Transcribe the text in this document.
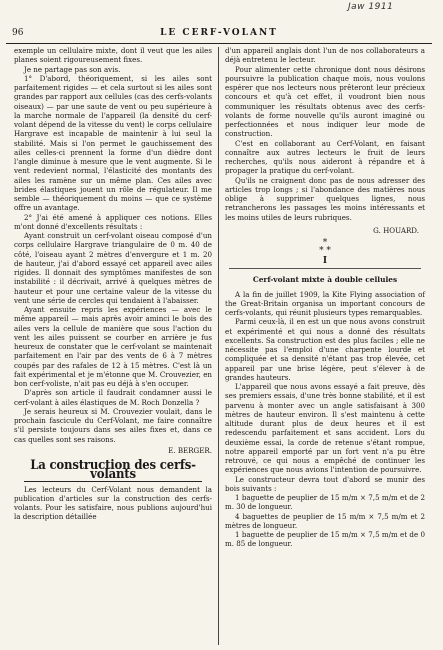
Jaw 1911
96	LE CERF-VOLANT

exemple un cellulaire mixte, dont il veut que les ailes planes soient rigoureusement fixes.

Je ne partage pas son avis.

1° D'abord, théoriquement, si les ailes sont parfaitement rigides — et cela surtout si les ailes sont grandes par rapport aux cellules (cas des cerfs-volants oiseaux) — par une saute de vent ou peu supérieure à la marche normale de l'appareil (la densité du cerf-volant dépend de la vitesse du vent) le corps cellulaire Hargrave est incapable de maintenir à lui seul la stabilité. Mais si l'on permet le gauchissement des ailes celles-ci prennent la forme d'un dièdre dont l'angle diminue à mesure que le vent augmente. Si le vent redevient normal, l'élasticité des montants des ailes les ramène sur un même plan. Ces ailes avec brides élastiques jouent un rôle de régulateur. Il me semble — théoriquement du moins — que ce système offre un avantage.

2° J'ai été amené à appliquer ces notions. Elles m'ont donné d'excellents résultats :

Ayant construit un cerf-volant oiseau composé d'un corps cellulaire Hargrave triangulaire de 0 m. 40 de côté, l'oiseau ayant 2 mètres d'envergure et 1 m. 20 de hauteur, j'ai d'abord essayé cet appareil avec ailes rigides. Il donnait des symptômes manifestes de son instabilité : il décrivait, arrivé à quelques mètres de hauteur et pour une certaine valeur de la vitesse du vent une série de cercles qui tendaient à l'abaisser.

Ayant ensuite repris les expériences — avec le même appareil — mais après avoir aminci le bois des ailes vers la cellule de manière que sous l'action du vent les ailes puissent se courber en arrière je fus heureux de constater que le cerf-volant se maintenait parfaitement en l'air par des vents de 6 à 7 mètres coupés par des rafales de 12 à 15 mètres. C'est là un fait expérimental et je m'étonne que M. Crouvezier, en bon cerf-voliste, n'ait pas eu déjà à s'en occuper.

D'après son article il faudrait condamner aussi le cerf-volant à ailes élastiques de M. Roch Donzella ?

Je serais heureux si M. Crouvezier voulait, dans le prochain fascicule du Cerf-Volant, me faire connaître s'il persiste toujours dans ses ailes fixes et, dans ce cas quelles sont ses raisons.

E. BERGER.

La construction des cerfs-volants

Les lecteurs du Cerf-Volant nous demandent la publication d'articles sur la construction des cerfs-volants. Pour les satisfaire, nous publions aujourd'hui la description détaillée

d'un appareil anglais dont l'un de nos collaborateurs a déjà entretenu le lecteur.

Pour alimenter cette chronique dont nous désirons poursuivre la publication chaque mois, nous voulons espérer que nos lecteurs nous prêteront leur précieux concours et qu'à cet effet, il voudront bien nous communiquer les résultats obtenus avec des cerfs-volants de forme nouvelle qu'ils auront imaginé ou perfectionnées et nous indiquer leur mode de construction.

C'est en collaborant au Cerf-Volant, en faisant connaître aux autres lecteurs le fruit de leurs recherches, qu'ils nous aideront à répandre et à propager la pratique du cerf-volant.

Qu'ils ne craignent donc pas de nous adresser des articles trop longs ; si l'abondance des matières nous oblige à supprimer quelques lignes, nous retrancherons les passages les moins intéressants et les moins utiles de leurs rubriques.

G. HOUARD.
*
* *
I
Cerf-volant mixte à double cellules

A la fin de juillet 1909, la Kite Flying association of the Great-Britain organisa un important concours de cerfs-volants, qui réunit plusieurs types remarquables.

Parmi ceux-là, il en est un que nous avons construit et expérimenté et qui nous a donné des résultats excellents. Sa construction est des plus faciles ; elle ne nécessite pas l'emploi d'une charpente lourde et compliquée et sa densité n'étant pas trop élevée, cet appareil par une brise légère, peut s'élever à de grandes hauteurs.

L'appareil que nous avons essayé a fait preuve, dès ses premiers essais, d'une très bonne stabilité, et il est parvenu à monter avec un angle satisfaisant à 300 mètres de hauteur environ. Il s'est maintenu à cette altitude durant plus de deux heures et il est redescendu parfaitement et sans accident. Lors du deuxième essai, la corde de retenue s'étant rompue, notre appareil emporté par un fort vent n'a pu être retrouvé, ce qui nous a empêché de continuer les expériences que nous avions l'intention de poursuivre.

Le constructeur devra tout d'abord se munir des bois suivants :

1 baguette de peuplier de 15 m/m × 7,5 m/m et de 2 m. 30 de longueur.

4 baguettes de peuplier de 15 m/m × 7,5 m/m et 2 mètres de longueur.

1 baguette de peuplier de 15 m/m × 7,5 m/m et de 0 m. 85 de longueur.
